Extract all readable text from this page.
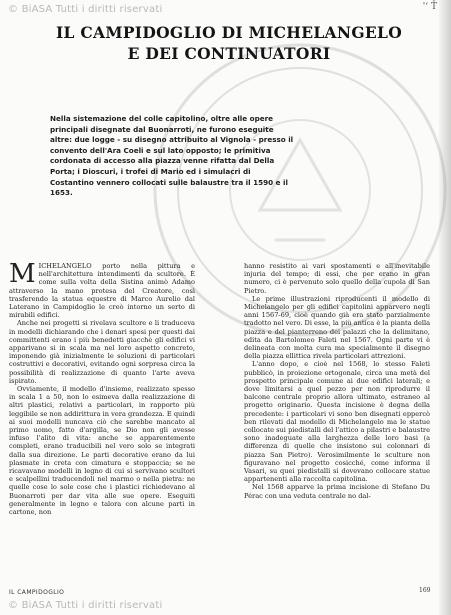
© BiASA Tutti i diritti riservati	'‘ Ť
IL CAMPIDOGLIO DI MICHELANGELO
E DEI CONTINUATORI

Nella sistemazione del colle capitolino, oltre alle opere principali disegnate dal Buonarroti, ne furono eseguite altre: due logge - su disegno attribuito al Vignola - presso il convento dell'Ara Coeli e sul lato opposto; le primitiva cordonata di accesso alla piazza venne rifatta dal Della Porta; i Dioscuri, i trofei di Mario ed i simulacri di Costantino vennero collocati sulle balaustre tra il 1590 e il 1653.

MICHELANGELO porto nella pittura e nell'architettura intendimenti da scultore. È come sulla volta della Sistina animò Adamo attraverso la mano protesa del Creatore, così trasferendo la statua equestre di Marco Aurelio dal Laterano in Campidoglio le creò intorno un serto di mirabili edifici.

Anche nei progetti si rivelava scultore e li traduceva in modelli dichiarando che i denari spesi per questi dai committenti erano i più benedetti giacchè gli edifici vi apparivano si in scala ma nel loro aspetto concreto, imponendo già inizialmente le soluzioni di particolari costruttivi e decorativi, evitando ogni sorpresa circa la possibilità di realizzazione di quanto l'arte aveva ispirato.

Ovviamente, il modello d'insieme, realizzato spesso in scala 1 a 50, non lo esimeva dalla realizzazione di altri plastici, relativi a particolari, in rapporto più leggibile se non addirittura in vera grandezza. E quindi ai suoi modelli nuncava ciò che sarebbe mancato al primo uomo, fatto d'argilla, se Dio non gli avesse infuso l'alito di vita: anche se apparentemente completi, erano traducibili nel vero solo se integrati dalla sua direzione. Le parti decorative erano da lui plasmate in creta con cimatura e stoppaccia; se ne ricavavano modelli in legno di cui si servivano scultori e scalpellini traducendoli nel marmo o nella pietra: ne quelle cose lo sole cose che i plastici richiedevano al Buonarroti per dar vita alle sue opere. Eseguiti generalmente in legno e talora con alcune parti in cartone, non

hanno resistito ai vari spostamenti e all'inevitabile injuria del tempo; di essi, che per erano in gran numero, ci è pervenuto solo quello della cupola di San Pietro.

Le prime illustrazioni riproducenti il modello di Michelangelo per gli edifici capitolini apparvero negli anni 1567-69, cioè quando già era stato parzialmente tradotto nel vero. Di esse, la più antica è la pianta della piazza e del pianterreno dei palazzi che la delimitano, edita da Bartolomeo Faleti nel 1567. Ogni parte vi è delineata con molta cura ma specialmente il disegno della piazza ellittica rivela particolari attrezioni.

L'anno dopo, e cioè nel 1568, lo stesso Faleti pubblicò, in proiezione ortogonale, circa una metà del prospetto principale comune ai due edifici laterali; e dove limitarsi a quel pezzo per non riprodurre il balcone centrale proprio allora ultimato, estraneo al progetto originario. Questa incisione è degna della precedente: i particolari vi sono ben disegnati eppercò ben rilevati dal modello di Michelangelo ma le statue collocate sui piedistalli del l'attico a pilastri e balaustre sono inadeguate alla larghezza delle loro basi (a differenza di quelle che insistono sui colonnari di piazza San Pietro). Verosimilmente le sculture non figuravano nel progetto cosicché, come informa il Vasari, su quei piedistalli si dovevano collocare statue appartenenti alla raccolta capitolina.

Nel 1568 apparve la prima incisione di Stefano Du Pérac con una veduta centrale no dal-

IL CAMPIDOGLIO	169
© BiASA Tutti i diritti riservati
